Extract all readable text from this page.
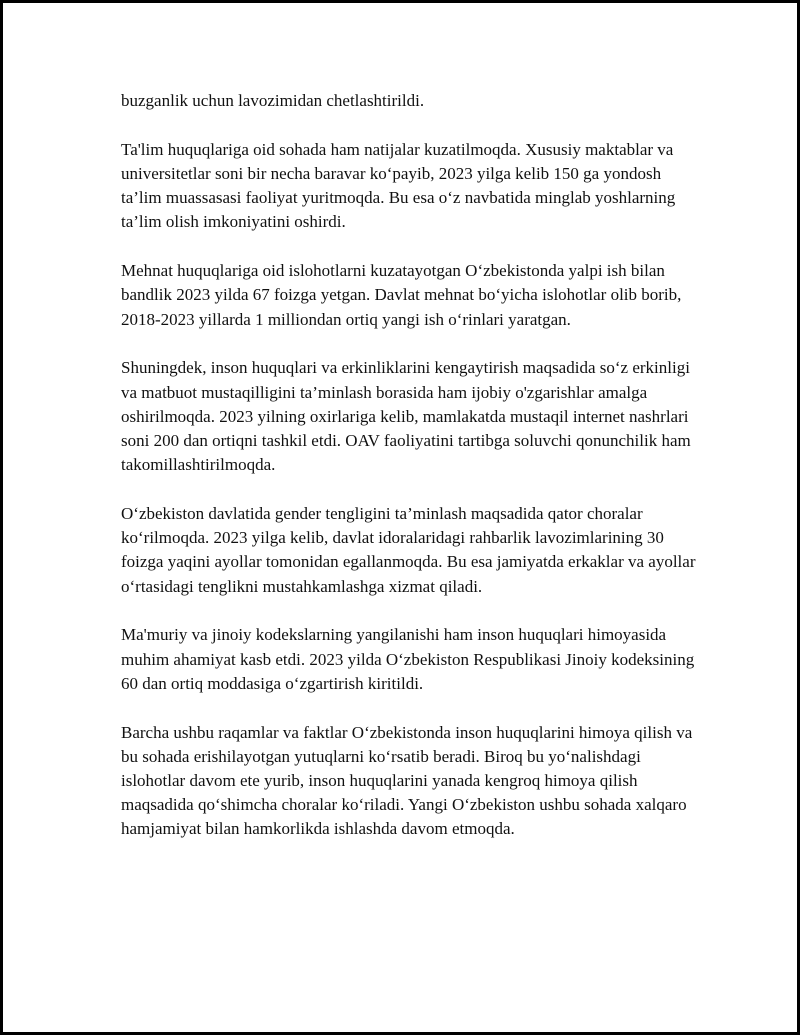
buzganlik uchun lavozimidan chetlashtirildi.

Ta'lim huquqlariga oid sohada ham natijalar kuzatilmoqda. Xususiy maktablar va universitetlar soni bir necha baravar ko‘payib, 2023 yilga kelib 150 ga yondosh ta’lim muassasasi faoliyat yuritmoqda. Bu esa o‘z navbatida minglab yoshlarning ta’lim olish imkoniyatini oshirdi.

Mehnat huquqlariga oid islohotlarni kuzatayotgan O‘zbekistonda yalpi ish bilan bandlik 2023 yilda 67 foizga yetgan. Davlat mehnat bo‘yicha islohotlar olib borib, 2018-2023 yillarda 1 milliondan ortiq yangi ish o‘rinlari yaratgan.

Shuningdek, inson huquqlari va erkinliklarini kengaytirish maqsadida so‘z erkinligi va matbuot mustaqilligini ta’minlash borasida ham ijobiy o'zgarishlar amalga oshirilmoqda. 2023 yilning oxirlariga kelib, mamlakatda mustaqil internet nashrlari soni 200 dan ortiqni tashkil etdi. OAV faoliyatini tartibga soluvchi qonunchilik ham takomillashtirilmoqda.

O‘zbekiston davlatida gender tengligini ta’minlash maqsadida qator choralar ko‘rilmoqda. 2023 yilga kelib, davlat idoralaridagi rahbarlik lavozimlarining 30 foizga yaqini ayollar tomonidan egallanmoqda. Bu esa jamiyatda erkaklar va ayollar o‘rtasidagi tenglikni mustahkamlashga xizmat qiladi.

Ma'muriy va jinoiy kodekslarning yangilanishi ham inson huquqlari himoyasida muhim ahamiyat kasb etdi. 2023 yilda O‘zbekiston Respublikasi Jinoiy kodeksining 60 dan ortiq moddasiga o‘zgartirish kiritildi.

Barcha ushbu raqamlar va faktlar O‘zbekistonda inson huquqlarini himoya qilish va bu sohada erishilayotgan yutuqlarni ko‘rsatib beradi. Biroq bu yo‘nalishdagi islohotlar davom ete yurib, inson huquqlarini yanada kengroq himoya qilish maqsadida qo‘shimcha choralar ko‘riladi. Yangi O‘zbekiston ushbu sohada xalqaro hamjamiyat bilan hamkorlikda ishlashda davom etmoqda.
